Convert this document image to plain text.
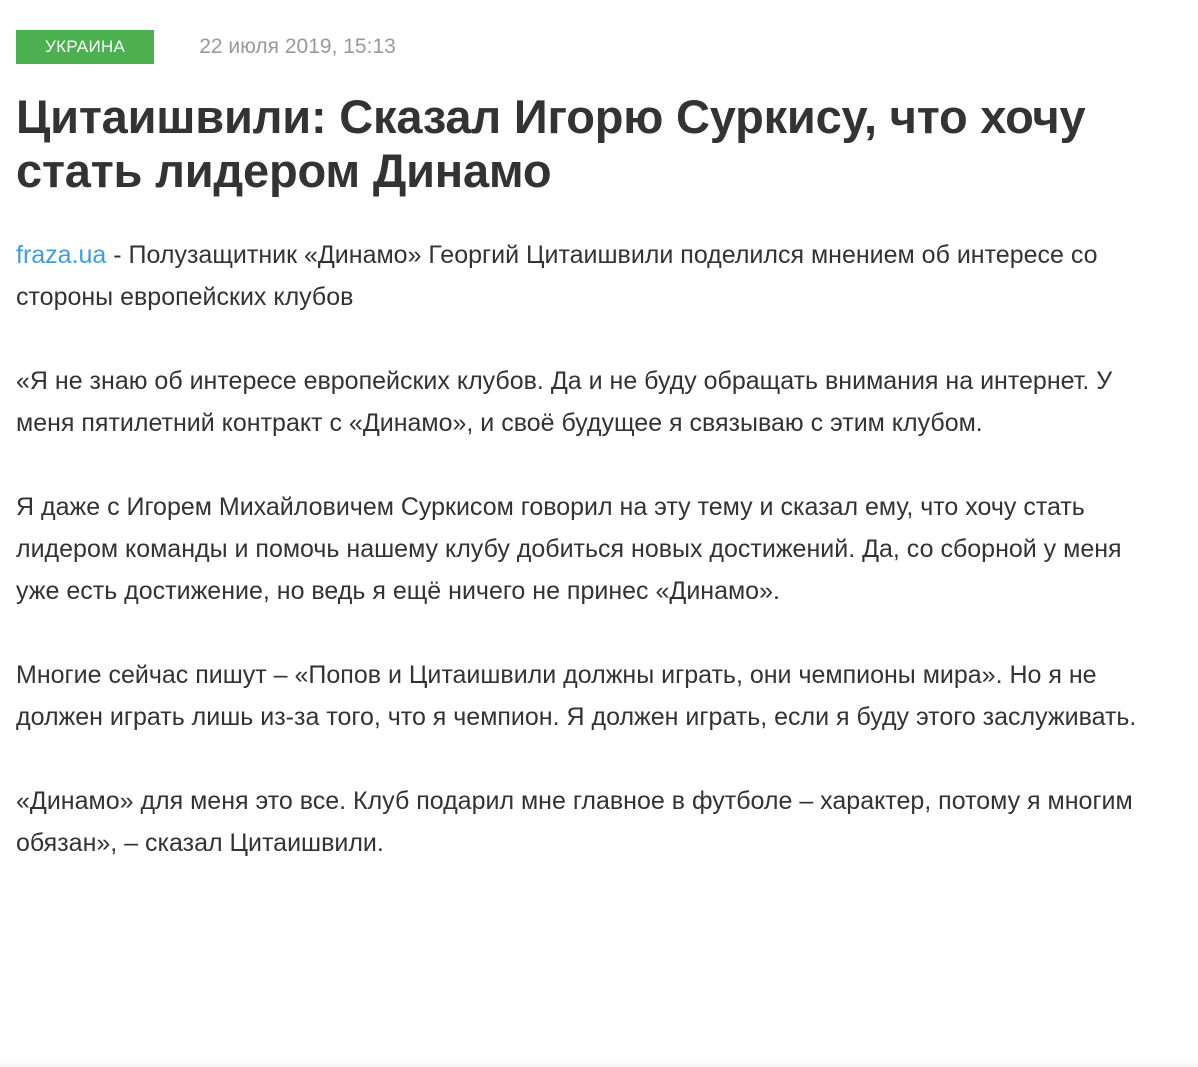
УКРАИНА	22 июля 2019, 15:13
Цитаишвили: Сказал Игорю Суркису, что хочу стать лидером Динамо

fraza.ua - Полузащитник «Динамо» Георгий Цитаишвили поделился мнением об интересе со стороны европейских клубов

«Я не знаю об интересе европейских клубов. Да и не буду обращать внимания на интернет. У меня пятилетний контракт с «Динамо», и своё будущее я связываю с этим клубом.

Я даже с Игорем Михайловичем Суркисом говорил на эту тему и сказал ему, что хочу стать лидером команды и помочь нашему клубу добиться новых достижений. Да, со сборной у меня уже есть достижение, но ведь я ещё ничего не принес «Динамо».

Многие сейчас пишут – «Попов и Цитаишвили должны играть, они чемпионы мира». Но я не должен играть лишь из-за того, что я чемпион. Я должен играть, если я буду этого заслуживать.

«Динамо» для меня это все. Клуб подарил мне главное в футболе – характер, потому я многим обязан», – сказал Цитаишвили.
